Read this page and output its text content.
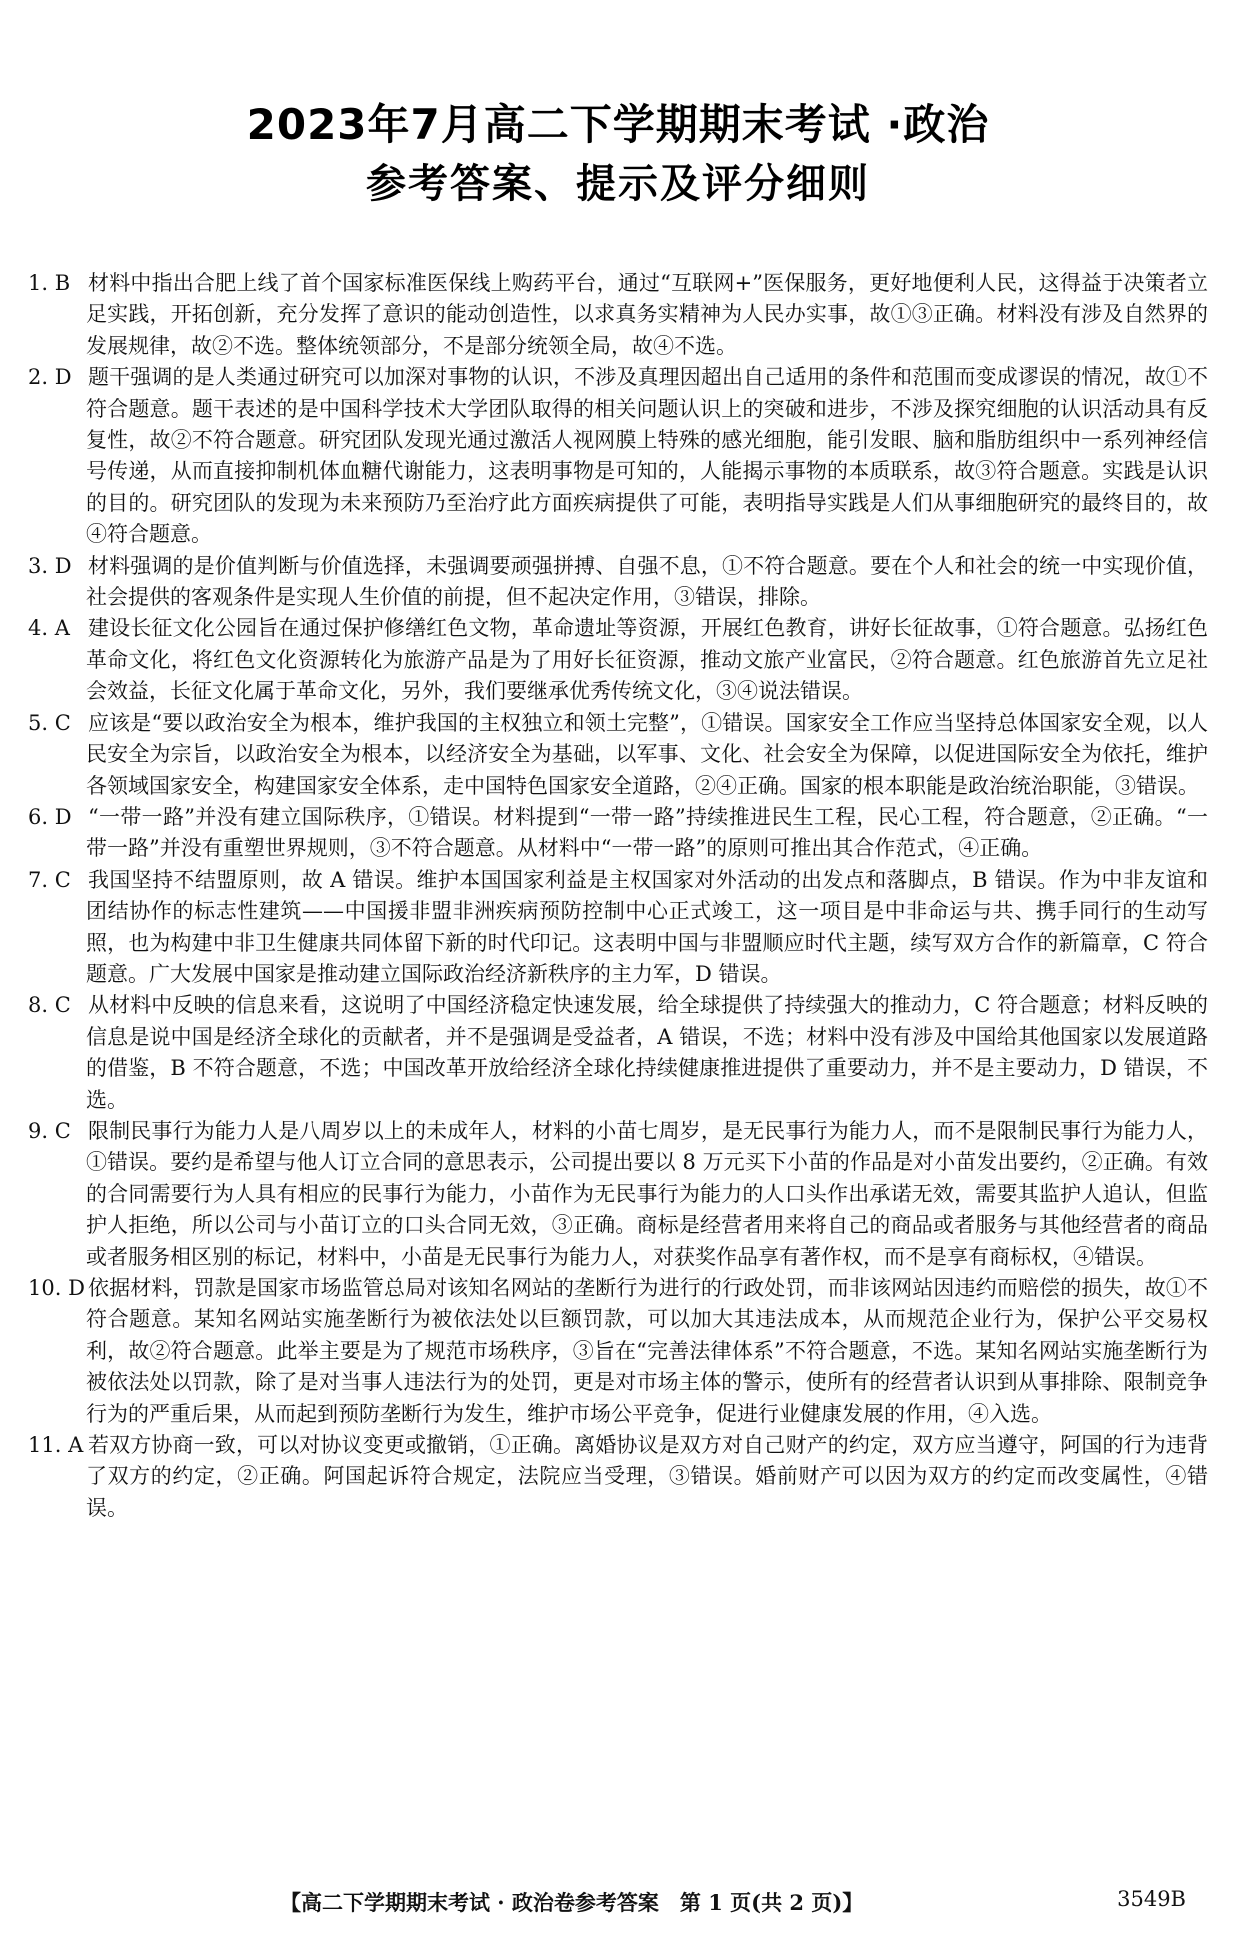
2023年7月高二下学期期末考试 ·政治
参考答案、提示及评分细则
1. B 材料中指出合肥上线了首个国家标准医保线上购药平台，通过“互联网+”医保服务，更好地便利人民，这得益于决策者立足实践，开拓创新，充分发挥了意识的能动创造性，以求真务实精神为人民办实事，故①③正确。材料没有涉及自然界的发展规律，故②不选。整体统领部分，不是部分统领全局，故④不选。
2. D 题干强调的是人类通过研究可以加深对事物的认识，不涉及真理因超出自己适用的条件和范围而变成谬误的情况，故①不符合题意。题干表述的是中国科学技术大学团队取得的相关问题认识上的突破和进步，不涉及探究细胞的认识活动具有反复性，故②不符合题意。研究团队发现光通过激活人视网膜上特殊的感光细胞，能引发眼、脑和脂肪组织中一系列神经信号传递，从而直接抑制机体血糖代谢能力，这表明事物是可知的，人能揭示事物的本质联系，故③符合题意。实践是认识的目的。研究团队的发现为未来预防乃至治疗此方面疾病提供了可能，表明指导实践是人们从事细胞研究的最终目的，故④符合题意。
3. D 材料强调的是价值判断与价值选择，未强调要顽强拼搏、自强不息，①不符合题意。要在个人和社会的统一中实现价值，社会提供的客观条件是实现人生价值的前提，但不起决定作用，③错误，排除。
4. A 建设长征文化公园旨在通过保护修缮红色文物，革命遗址等资源，开展红色教育，讲好长征故事，①符合题意。弘扬红色革命文化，将红色文化资源转化为旅游产品是为了用好长征资源，推动文旅产业富民，②符合题意。红色旅游首先立足社会效益，长征文化属于革命文化，另外，我们要继承优秀传统文化，③④说法错误。
5. C 应该是“要以政治安全为根本，维护我国的主权独立和领土完整”，①错误。国家安全工作应当坚持总体国家安全观，以人民安全为宗旨，以政治安全为根本，以经济安全为基础，以军事、文化、社会安全为保障，以促进国际安全为依托，维护各领域国家安全，构建国家安全体系，走中国特色国家安全道路，②④正确。国家的根本职能是政治统治职能，③错误。
6. D “一带一路”并没有建立国际秩序，①错误。材料提到“一带一路”持续推进民生工程，民心工程，符合题意，②正确。“一带一路”并没有重塑世界规则，③不符合题意。从材料中“一带一路”的原则可推出其合作范式，④正确。
7. C 我国坚持不结盟原则，故 A 错误。维护本国国家利益是主权国家对外活动的出发点和落脚点，B 错误。作为中非友谊和团结协作的标志性建筑——中国援非盟非洲疾病预防控制中心正式竣工，这一项目是中非命运与共、携手同行的生动写照，也为构建中非卫生健康共同体留下新的时代印记。这表明中国与非盟顺应时代主题，续写双方合作的新篇章，C 符合题意。广大发展中国家是推动建立国际政治经济新秩序的主力军，D 错误。
8. C 从材料中反映的信息来看，这说明了中国经济稳定快速发展，给全球提供了持续强大的推动力，C 符合题意；材料反映的信息是说中国是经济全球化的贡献者，并不是强调是受益者，A 错误，不选；材料中没有涉及中国给其他国家以发展道路的借鉴，B 不符合题意，不选；中国改革开放给经济全球化持续健康推进提供了重要动力，并不是主要动力，D 错误，不选。
9. C 限制民事行为能力人是八周岁以上的未成年人，材料的小苗七周岁，是无民事行为能力人，而不是限制民事行为能力人，①错误。要约是希望与他人订立合同的意思表示，公司提出要以 8 万元买下小苗的作品是对小苗发出要约，②正确。有效的合同需要行为人具有相应的民事行为能力，小苗作为无民事行为能力的人口头作出承诺无效，需要其监护人追认，但监护人拒绝，所以公司与小苗订立的口头合同无效，③正确。商标是经营者用来将自己的商品或者服务与其他经营者的商品或者服务相区别的标记，材料中，小苗是无民事行为能力人，对获奖作品享有著作权，而不是享有商标权，④错误。
10. D 依据材料，罚款是国家市场监管总局对该知名网站的垄断行为进行的行政处罚，而非该网站因违约而赔偿的损失，故①不符合题意。某知名网站实施垄断行为被依法处以巨额罚款，可以加大其违法成本，从而规范企业行为，保护公平交易权利，故②符合题意。此举主要是为了规范市场秩序，③旨在“完善法律体系”不符合题意，不选。某知名网站实施垄断行为被依法处以罚款，除了是对当事人违法行为的处罚，更是对市场主体的警示，使所有的经营者认识到从事排除、限制竞争行为的严重后果，从而起到预防垄断行为发生，维护市场公平竞争，促进行业健康发展的作用，④入选。
11. A 若双方协商一致，可以对协议变更或撤销，①正确。离婚协议是双方对自己财产的约定，双方应当遵守，阿国的行为违背了双方的约定，②正确。阿国起诉符合规定，法院应当受理，③错误。婚前财产可以因为双方的约定而改变属性，④错误。
【高二下学期期末考试 · 政治卷参考答案　第 1 页(共 2 页)】	3549B
